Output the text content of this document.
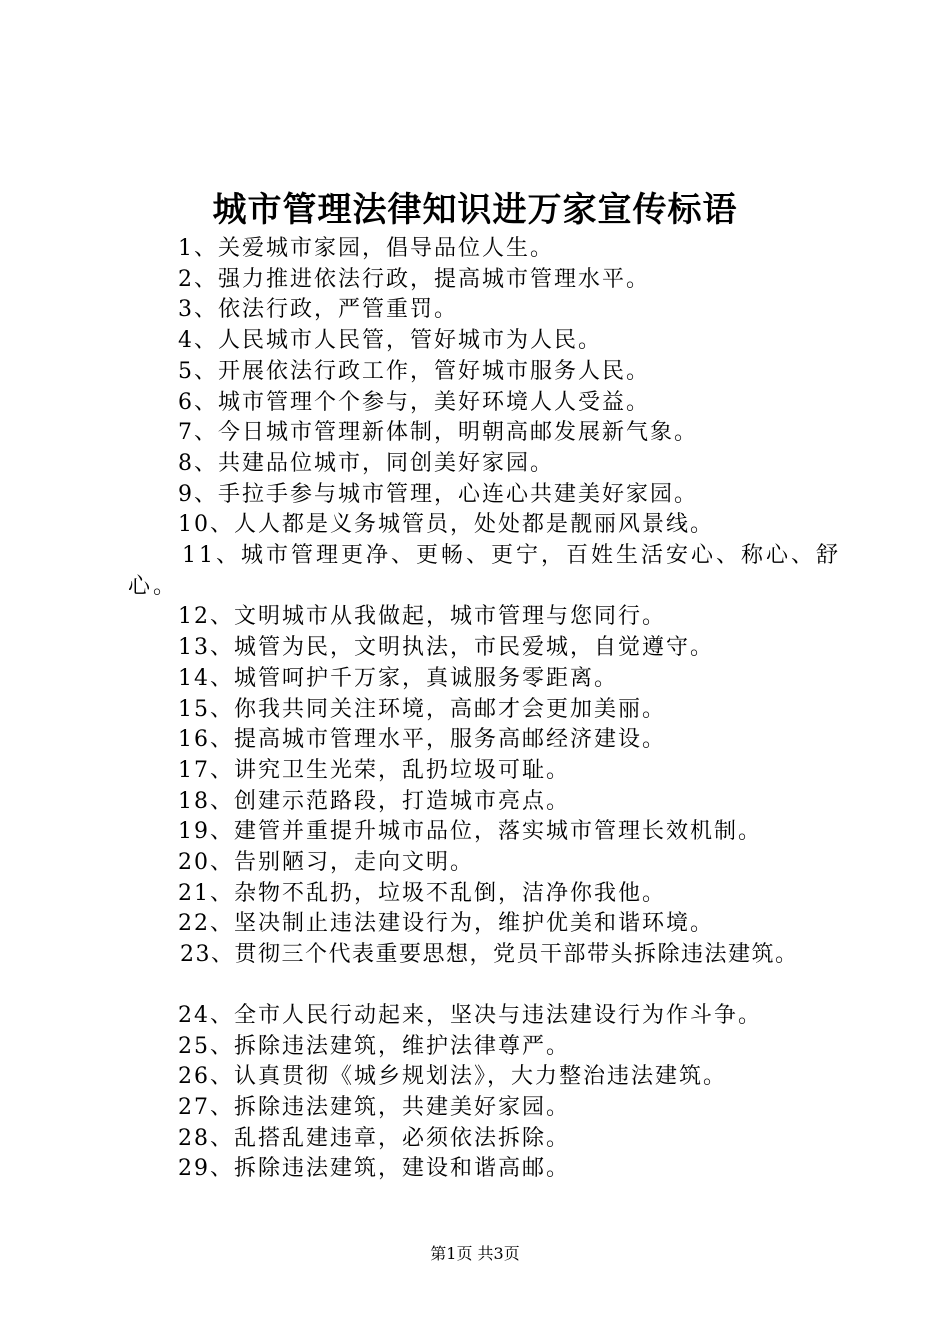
城市管理法律知识进万家宣传标语
1、关爱城市家园，倡导品位人生。
2、强力推进依法行政，提高城市管理水平。
3、依法行政，严管重罚。
4、人民城市人民管，管好城市为人民。
5、开展依法行政工作，管好城市服务人民。
6、城市管理个个参与，美好环境人人受益。
7、今日城市管理新体制，明朝高邮发展新气象。
8、共建品位城市，同创美好家园。
9、手拉手参与城市管理，心连心共建美好家园。
10、人人都是义务城管员，处处都是靓丽风景线。
11、城市管理更净、更畅、更宁，百姓生活安心、称心、舒心。
12、文明城市从我做起，城市管理与您同行。
13、城管为民，文明执法，市民爱城，自觉遵守。
14、城管呵护千万家，真诚服务零距离。
15、你我共同关注环境，高邮才会更加美丽。
16、提高城市管理水平，服务高邮经济建设。
17、讲究卫生光荣，乱扔垃圾可耻。
18、创建示范路段，打造城市亮点。
19、建管并重提升城市品位，落实城市管理长效机制。
20、告别陋习，走向文明。
21、杂物不乱扔，垃圾不乱倒，洁净你我他。
22、坚决制止违法建设行为，维护优美和谐环境。
23、贯彻三个代表重要思想，党员干部带头拆除违法建筑。
24、全市人民行动起来，坚决与违法建设行为作斗争。
25、拆除违法建筑，维护法律尊严。
26、认真贯彻《城乡规划法》，大力整治违法建筑。
27、拆除违法建筑，共建美好家园。
28、乱搭乱建违章，必须依法拆除。
29、拆除违法建筑，建设和谐高邮。
第1页 共3页
